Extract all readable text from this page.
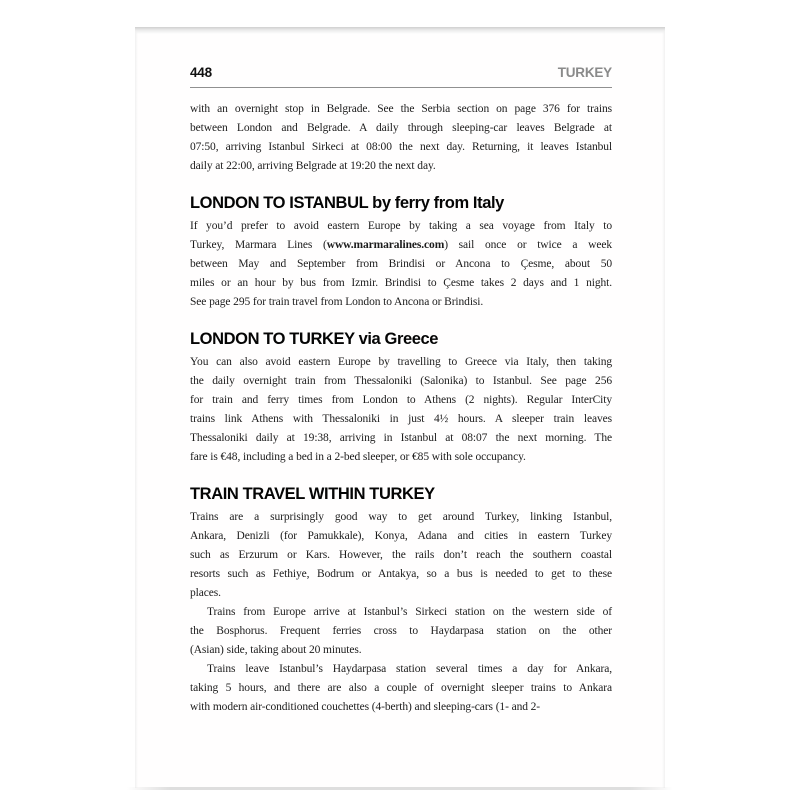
448	TURKEY
with an overnight stop in Belgrade. See the Serbia section on page 376 for trains
between London and Belgrade. A daily through sleeping-car leaves Belgrade at
07:50, arriving Istanbul Sirkeci at 08:00 the next day. Returning, it leaves Istanbul
daily at 22:00, arriving Belgrade at 19:20 the next day.
LONDON TO ISTANBUL by ferry from Italy
If you’d prefer to avoid eastern Europe by taking a sea voyage from Italy to
Turkey, Marmara Lines (www.marmaralines.com) sail once or twice a week
between May and September from Brindisi or Ancona to Çesme, about 50
miles or an hour by bus from Izmir. Brindisi to Çesme takes 2 days and 1 night.
See page 295 for train travel from London to Ancona or Brindisi.
LONDON TO TURKEY via Greece
You can also avoid eastern Europe by travelling to Greece via Italy, then taking
the daily overnight train from Thessaloniki (Salonika) to Istanbul. See page 256
for train and ferry times from London to Athens (2 nights). Regular InterCity
trains link Athens with Thessaloniki in just 4½ hours. A sleeper train leaves
Thessaloniki daily at 19:38, arriving in Istanbul at 08:07 the next morning. The
fare is €48, including a bed in a 2-bed sleeper, or €85 with sole occupancy.
TRAIN TRAVEL WITHIN TURKEY
Trains are a surprisingly good way to get around Turkey, linking Istanbul,
Ankara, Denizli (for Pamukkale), Konya, Adana and cities in eastern Turkey
such as Erzurum or Kars. However, the rails don’t reach the southern coastal
resorts such as Fethiye, Bodrum or Antakya, so a bus is needed to get to these
places.
Trains from Europe arrive at Istanbul’s Sirkeci station on the western side of
the Bosphorus. Frequent ferries cross to Haydarpasa station on the other
(Asian) side, taking about 20 minutes.
Trains leave Istanbul’s Haydarpasa station several times a day for Ankara,
taking 5 hours, and there are also a couple of overnight sleeper trains to Ankara
with modern air-conditioned couchettes (4-berth) and sleeping-cars (1- and 2-
